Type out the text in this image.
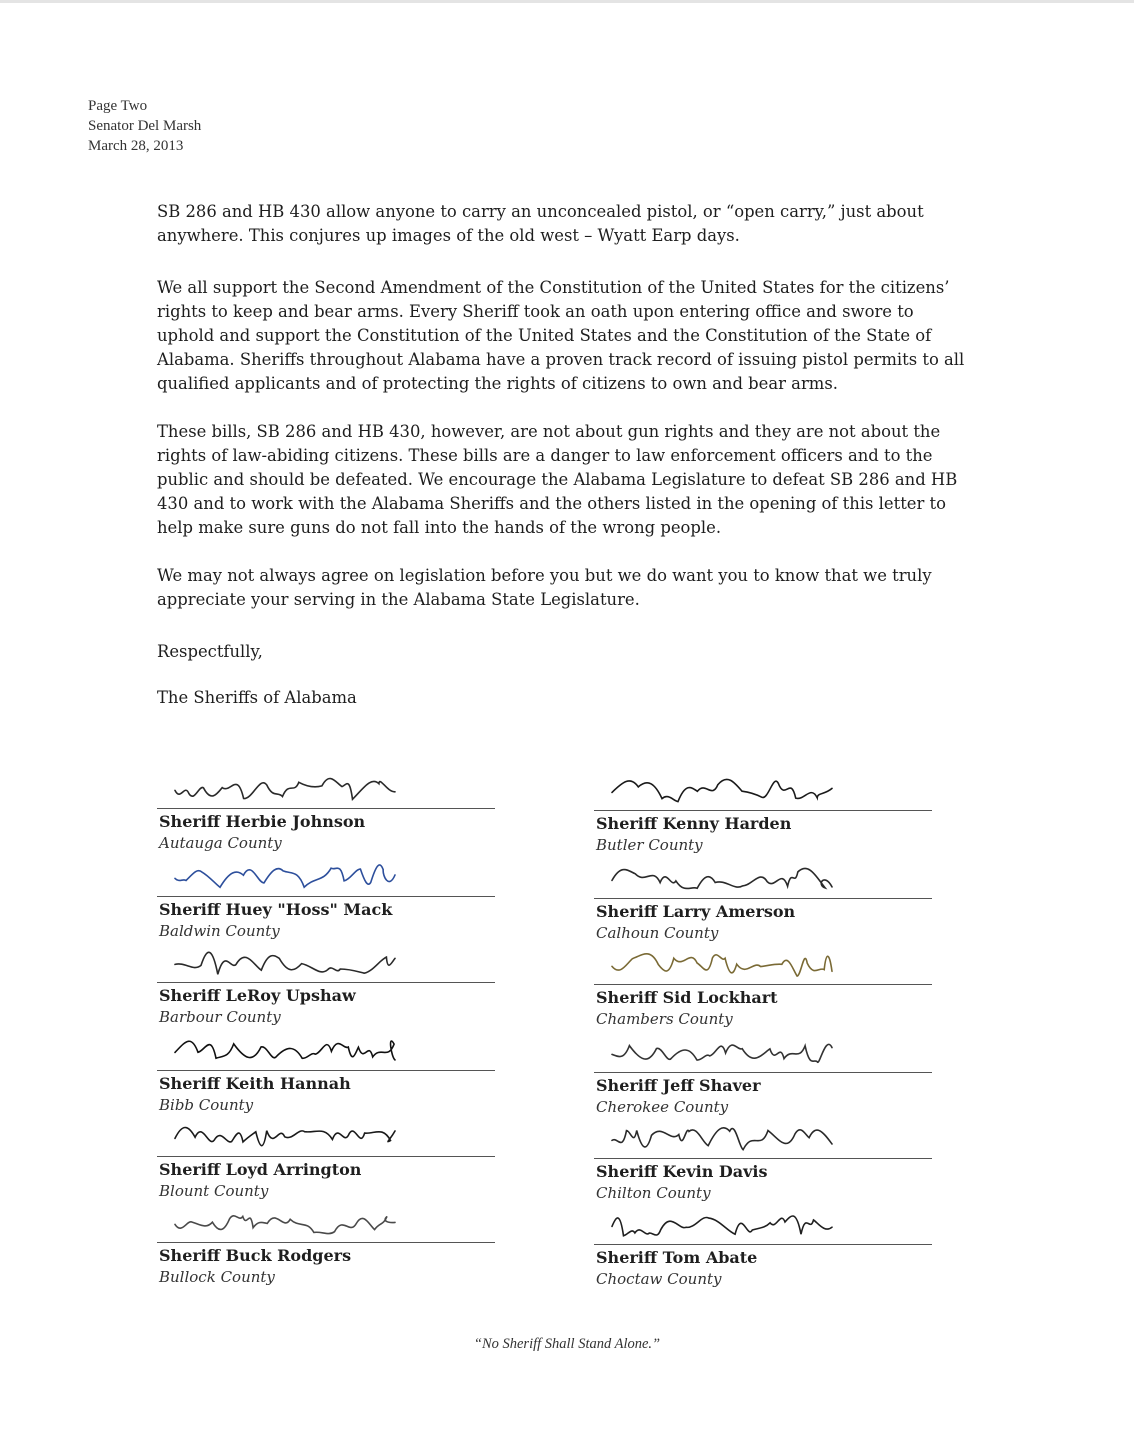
Page Two
Senator Del Marsh
March 28, 2013

SB 286 and HB 430 allow anyone to carry an unconcealed pistol, or “open carry,” just about anywhere. This conjures up images of the old west – Wyatt Earp days.

We all support the Second Amendment of the Constitution of the United States for the citizens’ rights to keep and bear arms. Every Sheriff took an oath upon entering office and swore to uphold and support the Constitution of the United States and the Constitution of the State of Alabama. Sheriffs throughout Alabama have a proven track record of issuing pistol permits to all qualified applicants and of protecting the rights of citizens to own and bear arms.

These bills, SB 286 and HB 430, however, are not about gun rights and they are not about the rights of law-abiding citizens. These bills are a danger to law enforcement officers and to the public and should be defeated. We encourage the Alabama Legislature to defeat SB 286 and HB 430 and to work with the Alabama Sheriffs and the others listed in the opening of this letter to help make sure guns do not fall into the hands of the wrong people.

We may not always agree on legislation before you but we do want you to know that we truly appreciate your serving in the Alabama State Legislature.

Respectfully,

The Sheriffs of Alabama

Sheriff Herbie Johnson
Autauga County
Sheriff Huey "Hoss" Mack
Baldwin County
Sheriff LeRoy Upshaw
Barbour County
Sheriff Keith Hannah
Bibb County
Sheriff Loyd Arrington
Blount County
Sheriff Buck Rodgers
Bullock County
Sheriff Kenny Harden
Butler County
Sheriff Larry Amerson
Calhoun County
Sheriff Sid Lockhart
Chambers County
Sheriff Jeff Shaver
Cherokee County
Sheriff Kevin Davis
Chilton County
Sheriff Tom Abate
Choctaw County
“No Sheriff Shall Stand Alone.”
